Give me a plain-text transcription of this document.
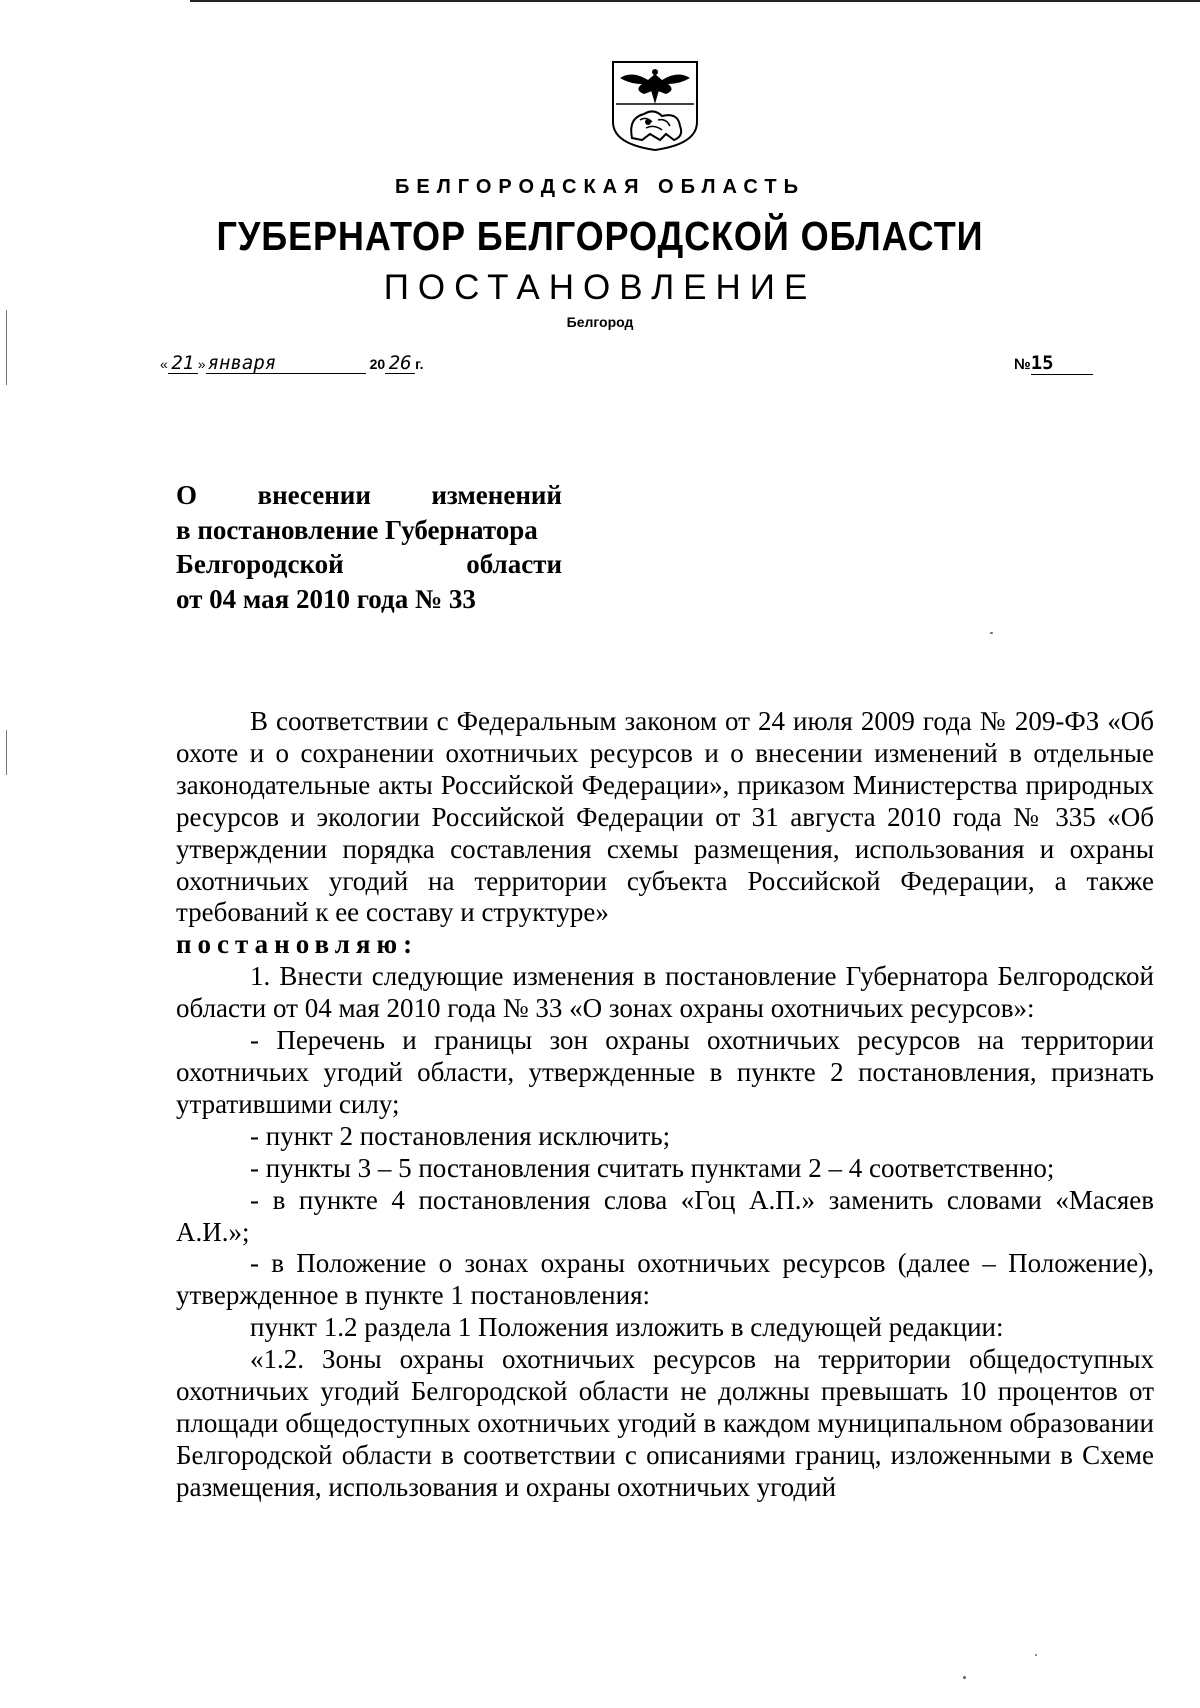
БЕЛГОРОДСКАЯ ОБЛАСТЬ
ГУБЕРНАТОР БЕЛГОРОДСКОЙ ОБЛАСТИ
ПОСТАНОВЛЕНИЕ
Белгород
« 21 » января	20 26 г.	№15
О внесении изменений
в постановление Губернатора
Белгородской	области
от 04 мая 2010 года № 33
В соответствии с Федеральным законом от 24 июля 2009 года № 209-ФЗ «Об охоте и о сохранении охотничьих ресурсов и о внесении изменений в отдельные законодательные акты Российской Федерации», приказом Министерства природных ресурсов и экологии Российской Федерации от 31 августа 2010 года № 335 «Об утверждении порядка составления схемы размещения, использования и охраны охотничьих угодий на территории субъекта Российской Федерации, а также требований к ее составу и структуре»
постановляю:
1. Внести следующие изменения в постановление Губернатора Белгородской области от 04 мая 2010 года № 33 «О зонах охраны охотничьих ресурсов»:
- Перечень и границы зон охраны охотничьих ресурсов на территории охотничьих угодий области, утвержденные в пункте 2 постановления, признать утратившими силу;
- пункт 2 постановления исключить;
- пункты 3 – 5 постановления считать пунктами 2 – 4 соответственно;
- в пункте 4 постановления слова «Гоц А.П.» заменить словами «Масяев А.И.»;
- в Положение о зонах охраны охотничьих ресурсов (далее – Положение), утвержденное в пункте 1 постановления:
пункт 1.2 раздела 1 Положения изложить в следующей редакции:
«1.2. Зоны охраны охотничьих ресурсов на территории общедоступных охотничьих угодий Белгородской области не должны превышать 10 процентов от площади общедоступных охотничьих угодий в каждом муниципальном образовании Белгородской области в соответствии с описаниями границ, изложенными в Схеме размещения, использования и охраны охотничьих угодий
